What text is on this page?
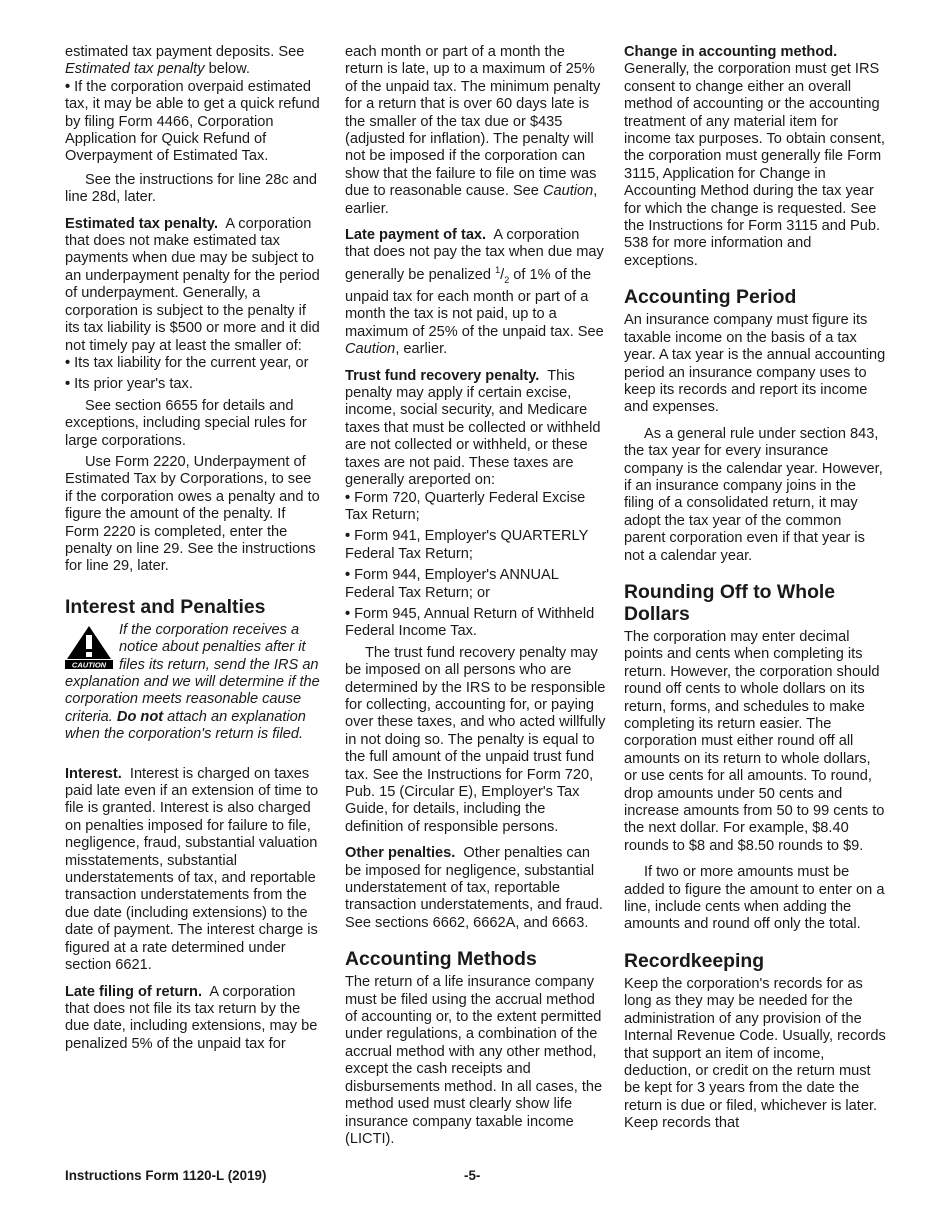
estimated tax payment deposits. See Estimated tax penalty below.

• If the corporation overpaid estimated tax, it may be able to get a quick refund by filing Form 4466, Corporation Application for Quick Refund of Overpayment of Estimated Tax.

See the instructions for line 28c and line 28d, later.

Estimated tax penalty. A corporation that does not make estimated tax payments when due may be subject to an underpayment penalty for the period of underpayment. Generally, a corporation is subject to the penalty if its tax liability is $500 or more and it did not timely pay at least the smaller of:

• Its tax liability for the current year, or

• Its prior year's tax.

See section 6655 for details and exceptions, including special rules for large corporations.

Use Form 2220, Underpayment of Estimated Tax by Corporations, to see if the corporation owes a penalty and to figure the amount of the penalty. If Form 2220 is completed, enter the penalty on line 29. See the instructions for line 29, later.

Interest and Penalties
CAUTION
If the corporation receives a notice about penalties after it files its return, send the IRS an explanation and we will determine if the corporation meets reasonable cause criteria. Do not attach an explanation when the corporation's return is filed.

Interest. Interest is charged on taxes paid late even if an extension of time to file is granted. Interest is also charged on penalties imposed for failure to file, negligence, fraud, substantial valuation misstatements, substantial understatements of tax, and reportable transaction understatements from the due date (including extensions) to the date of payment. The interest charge is figured at a rate determined under section 6621.

Late filing of return. A corporation that does not file its tax return by the due date, including extensions, may be penalized 5% of the unpaid tax for

each month or part of a month the return is late, up to a maximum of 25% of the unpaid tax. The minimum penalty for a return that is over 60 days late is the smaller of the tax due or $435 (adjusted for inflation). The penalty will not be imposed if the corporation can show that the failure to file on time was due to reasonable cause. See Caution, earlier.

Late payment of tax. A corporation that does not pay the tax when due may generally be penalized $^1/_2$ of 1% of the unpaid tax for each month or part of a month the tax is not paid, up to a maximum of 25% of the unpaid tax. See Caution, earlier.

Trust fund recovery penalty. This penalty may apply if certain excise, income, social security, and Medicare taxes that must be collected or withheld are not collected or withheld, or these taxes are not paid. These taxes are generally areported on:

• Form 720, Quarterly Federal Excise Tax Return;

• Form 941, Employer's QUARTERLY Federal Tax Return;

• Form 944, Employer's ANNUAL Federal Tax Return; or

• Form 945, Annual Return of Withheld Federal Income Tax.

The trust fund recovery penalty may be imposed on all persons who are determined by the IRS to be responsible for collecting, accounting for, or paying over these taxes, and who acted willfully in not doing so. The penalty is equal to the full amount of the unpaid trust fund tax. See the Instructions for Form 720, Pub. 15 (Circular E), Employer's Tax Guide, for details, including the definition of responsible persons.

Other penalties. Other penalties can be imposed for negligence, substantial understatement of tax, reportable transaction understatements, and fraud. See sections 6662, 6662A, and 6663.

Accounting Methods

The return of a life insurance company must be filed using the accrual method of accounting or, to the extent permitted under regulations, a combination of the accrual method with any other method, except the cash receipts and disbursements method. In all cases, the method used must clearly show life insurance company taxable income (LICTI).

Change in accounting method.
Generally, the corporation must get IRS consent to change either an overall method of accounting or the accounting treatment of any material item for income tax purposes. To obtain consent, the corporation must generally file Form 3115, Application for Change in Accounting Method during the tax year for which the change is requested. See the Instructions for Form 3115 and Pub. 538 for more information and exceptions.

Accounting Period

An insurance company must figure its taxable income on the basis of a tax year. A tax year is the annual accounting period an insurance company uses to keep its records and report its income and expenses.

As a general rule under section 843, the tax year for every insurance company is the calendar year. However, if an insurance company joins in the filing of a consolidated return, it may adopt the tax year of the common parent corporation even if that year is not a calendar year.

Rounding Off to Whole Dollars

The corporation may enter decimal points and cents when completing its return. However, the corporation should round off cents to whole dollars on its return, forms, and schedules to make completing its return easier. The corporation must either round off all amounts on its return to whole dollars, or use cents for all amounts. To round, drop amounts under 50 cents and increase amounts from 50 to 99 cents to the next dollar. For example, $8.40 rounds to $8 and $8.50 rounds to $9.

If two or more amounts must be added to figure the amount to enter on a line, include cents when adding the amounts and round off only the total.

Recordkeeping

Keep the corporation's records for as long as they may be needed for the administration of any provision of the Internal Revenue Code. Usually, records that support an item of income, deduction, or credit on the return must be kept for 3 years from the date the return is due or filed, whichever is later. Keep records that

Instructions Form 1120-L (2019)	-5-
